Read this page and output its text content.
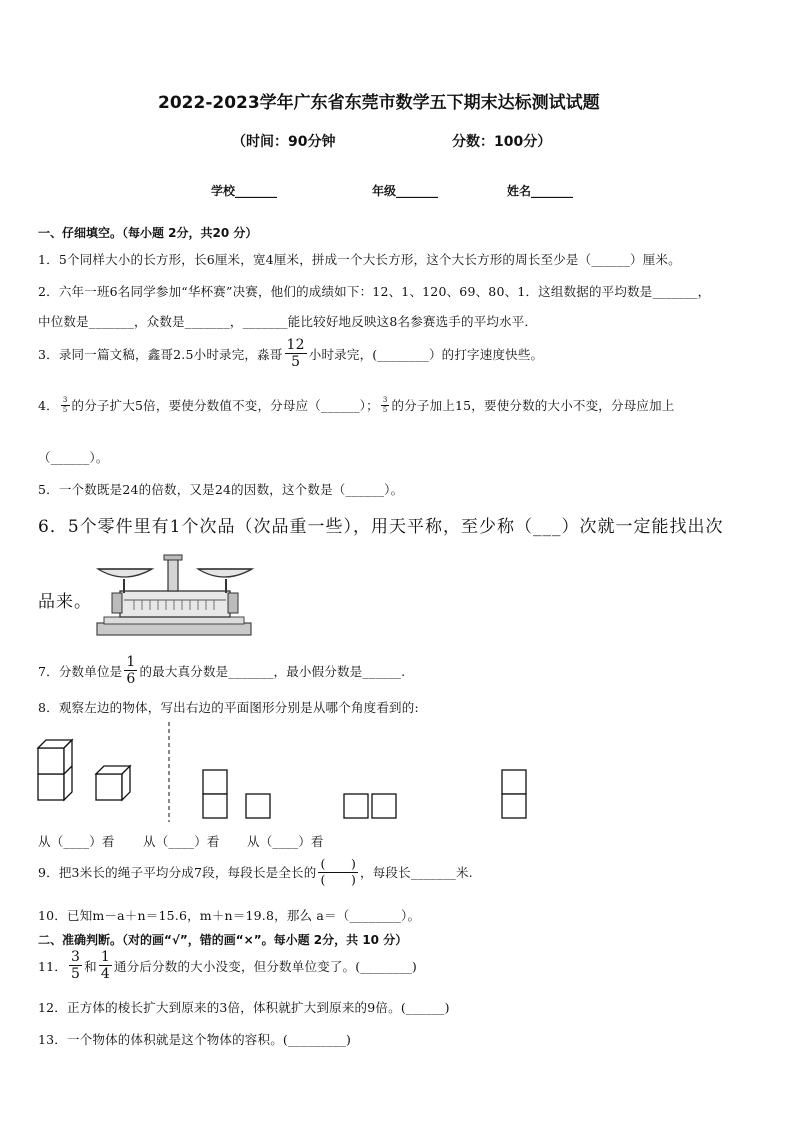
2022-2023学年广东省东莞市数学五下期末达标测试试题
（时间：90分钟	分数：100分）
学校_______	年级_______	姓名_______
一、仔细填空。（每小题 2分，共20 分）
1．5个同样大小的长方形，长6厘米，宽4厘米，拼成一个大长方形，这个大长方形的周长至少是（______）厘米。
2．六年一班6名同学参加“华杯赛”决赛，他们的成绩如下：12、1、120、69、80、1．这组数据的平均数是_______，
中位数是_______，众数是_______，_______能比较好地反映这8名参赛选手的平均水平．
3．录同一篇文稿，鑫哥2.5小时录完，淼哥 $\frac{12}{5}$ 小时录完，(________）的打字速度快些。
4． $\frac{3}{5}$ 的分子扩大5倍，要使分数值不变，分母应（______）； $\frac{3}{5}$ 的分子加上15，要使分数的大小不变，分母应加上
（______）。
5．一个数既是24的倍数，又是24的因数，这个数是（______）。
6．5个零件里有1个次品（次品重一些），用天平称，至少称（___）次就一定能找出次
品来。
7．分数单位是 $\frac{1}{6}$ 的最大真分数是_______，最小假分数是______.
8．观察左边的物体，写出右边的平面图形分别是从哪个角度看到的:
从（____）看 从（____）看 从（____）看
9．把3米长的绳子平均分成7段，每段长是全长的 $\frac{( )}{( )}$ ，每段长_______米.
10．已知m－a＋n＝15.6，m＋n＝19.8，那么 a＝（________）。
二、准确判断。（对的画“√”，错的画“×”。每小题 2分，共 10 分）
11． $\frac{3}{5}$ 和 $\frac{1}{4}$ 通分后分数的大小没变，但分数单位变了。(________)
12．正方体的棱长扩大到原来的3倍，体积就扩大到原来的9倍。(______)
13．一个物体的体积就是这个物体的容积。(_________)
